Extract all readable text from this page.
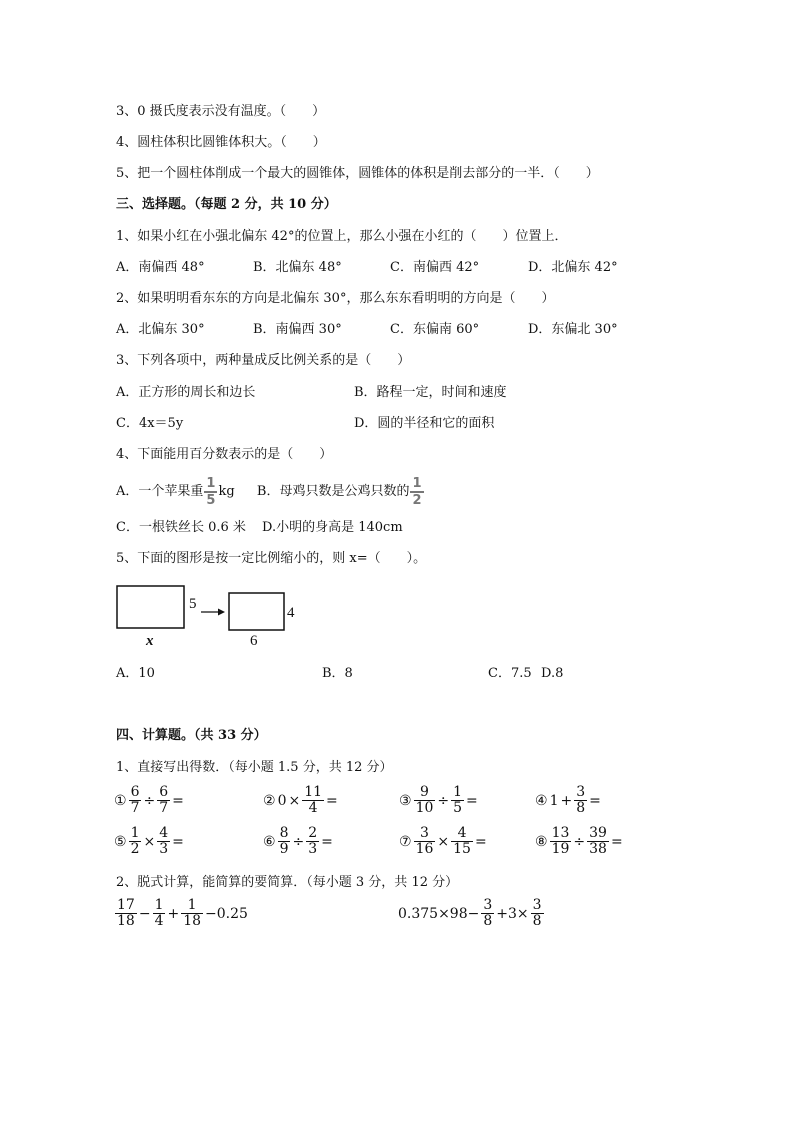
3、0 摄氏度表示没有温度。（　　）
4、圆柱体积比圆锥体积大。（　　）
5、把一个圆柱体削成一个最大的圆锥体，圆锥体的体积是削去部分的一半．（　　）
三、选择题。（每题 2 分，共 10 分）
1、如果小红在小强北偏东 42°的位置上，那么小强在小红的（　　）位置上．
A．南偏西 48°	B．北偏东 48°	C．南偏西 42°	D．北偏东 42°
2、如果明明看东东的方向是北偏东 30°，那么东东看明明的方向是（　　）
A．北偏东 30°	B．南偏西 30°	C．东偏南 60°	D．东偏北 30°
3、下列各项中，两种量成反比例关系的是（　　）
A．正方形的周长和边长	B．路程一定，时间和速度
C．4x＝5y	D．圆的半径和它的面积
4、下面能用百分数表示的是（　　）
A．一个苹果重 $\frac{1}{5}$ kg B．母鸡只数是公鸡只数的 $\frac{1}{2}$
C．一根铁丝长 0.6 米 D.小明的身高是 140cm
5、下面的图形是按一定比例缩小的，则 x=（　　）。
5
x
4
6
A．10	B．8	C．7.5 D.8
四、计算题。（共 33 分）
1、直接写出得数．（每小题 1.5 分，共 12 分）
① $\frac{6}{7} \div \frac{6}{7}$ =	② $0 \times \frac{11}{4}$ =	③ $\frac{9}{10} \div \frac{1}{5}$ =	④ $1 + \frac{3}{8}$ =
⑤ $\frac{1}{2} \times \frac{4}{3}$ =	⑥ $\frac{8}{9} \div \frac{2}{3}$ =	⑦ $\frac{3}{16} \times \frac{4}{15}$ =	⑧ $\frac{13}{19} \div \frac{39}{38}$ =
2、脱式计算，能简算的要简算．（每小题 3 分，共 12 分）
$\frac{17}{18} - \frac{1}{4} + \frac{1}{18} -0.25$	$0.375\times 98- \frac{3}{8} +3\times \frac{3}{8}$
